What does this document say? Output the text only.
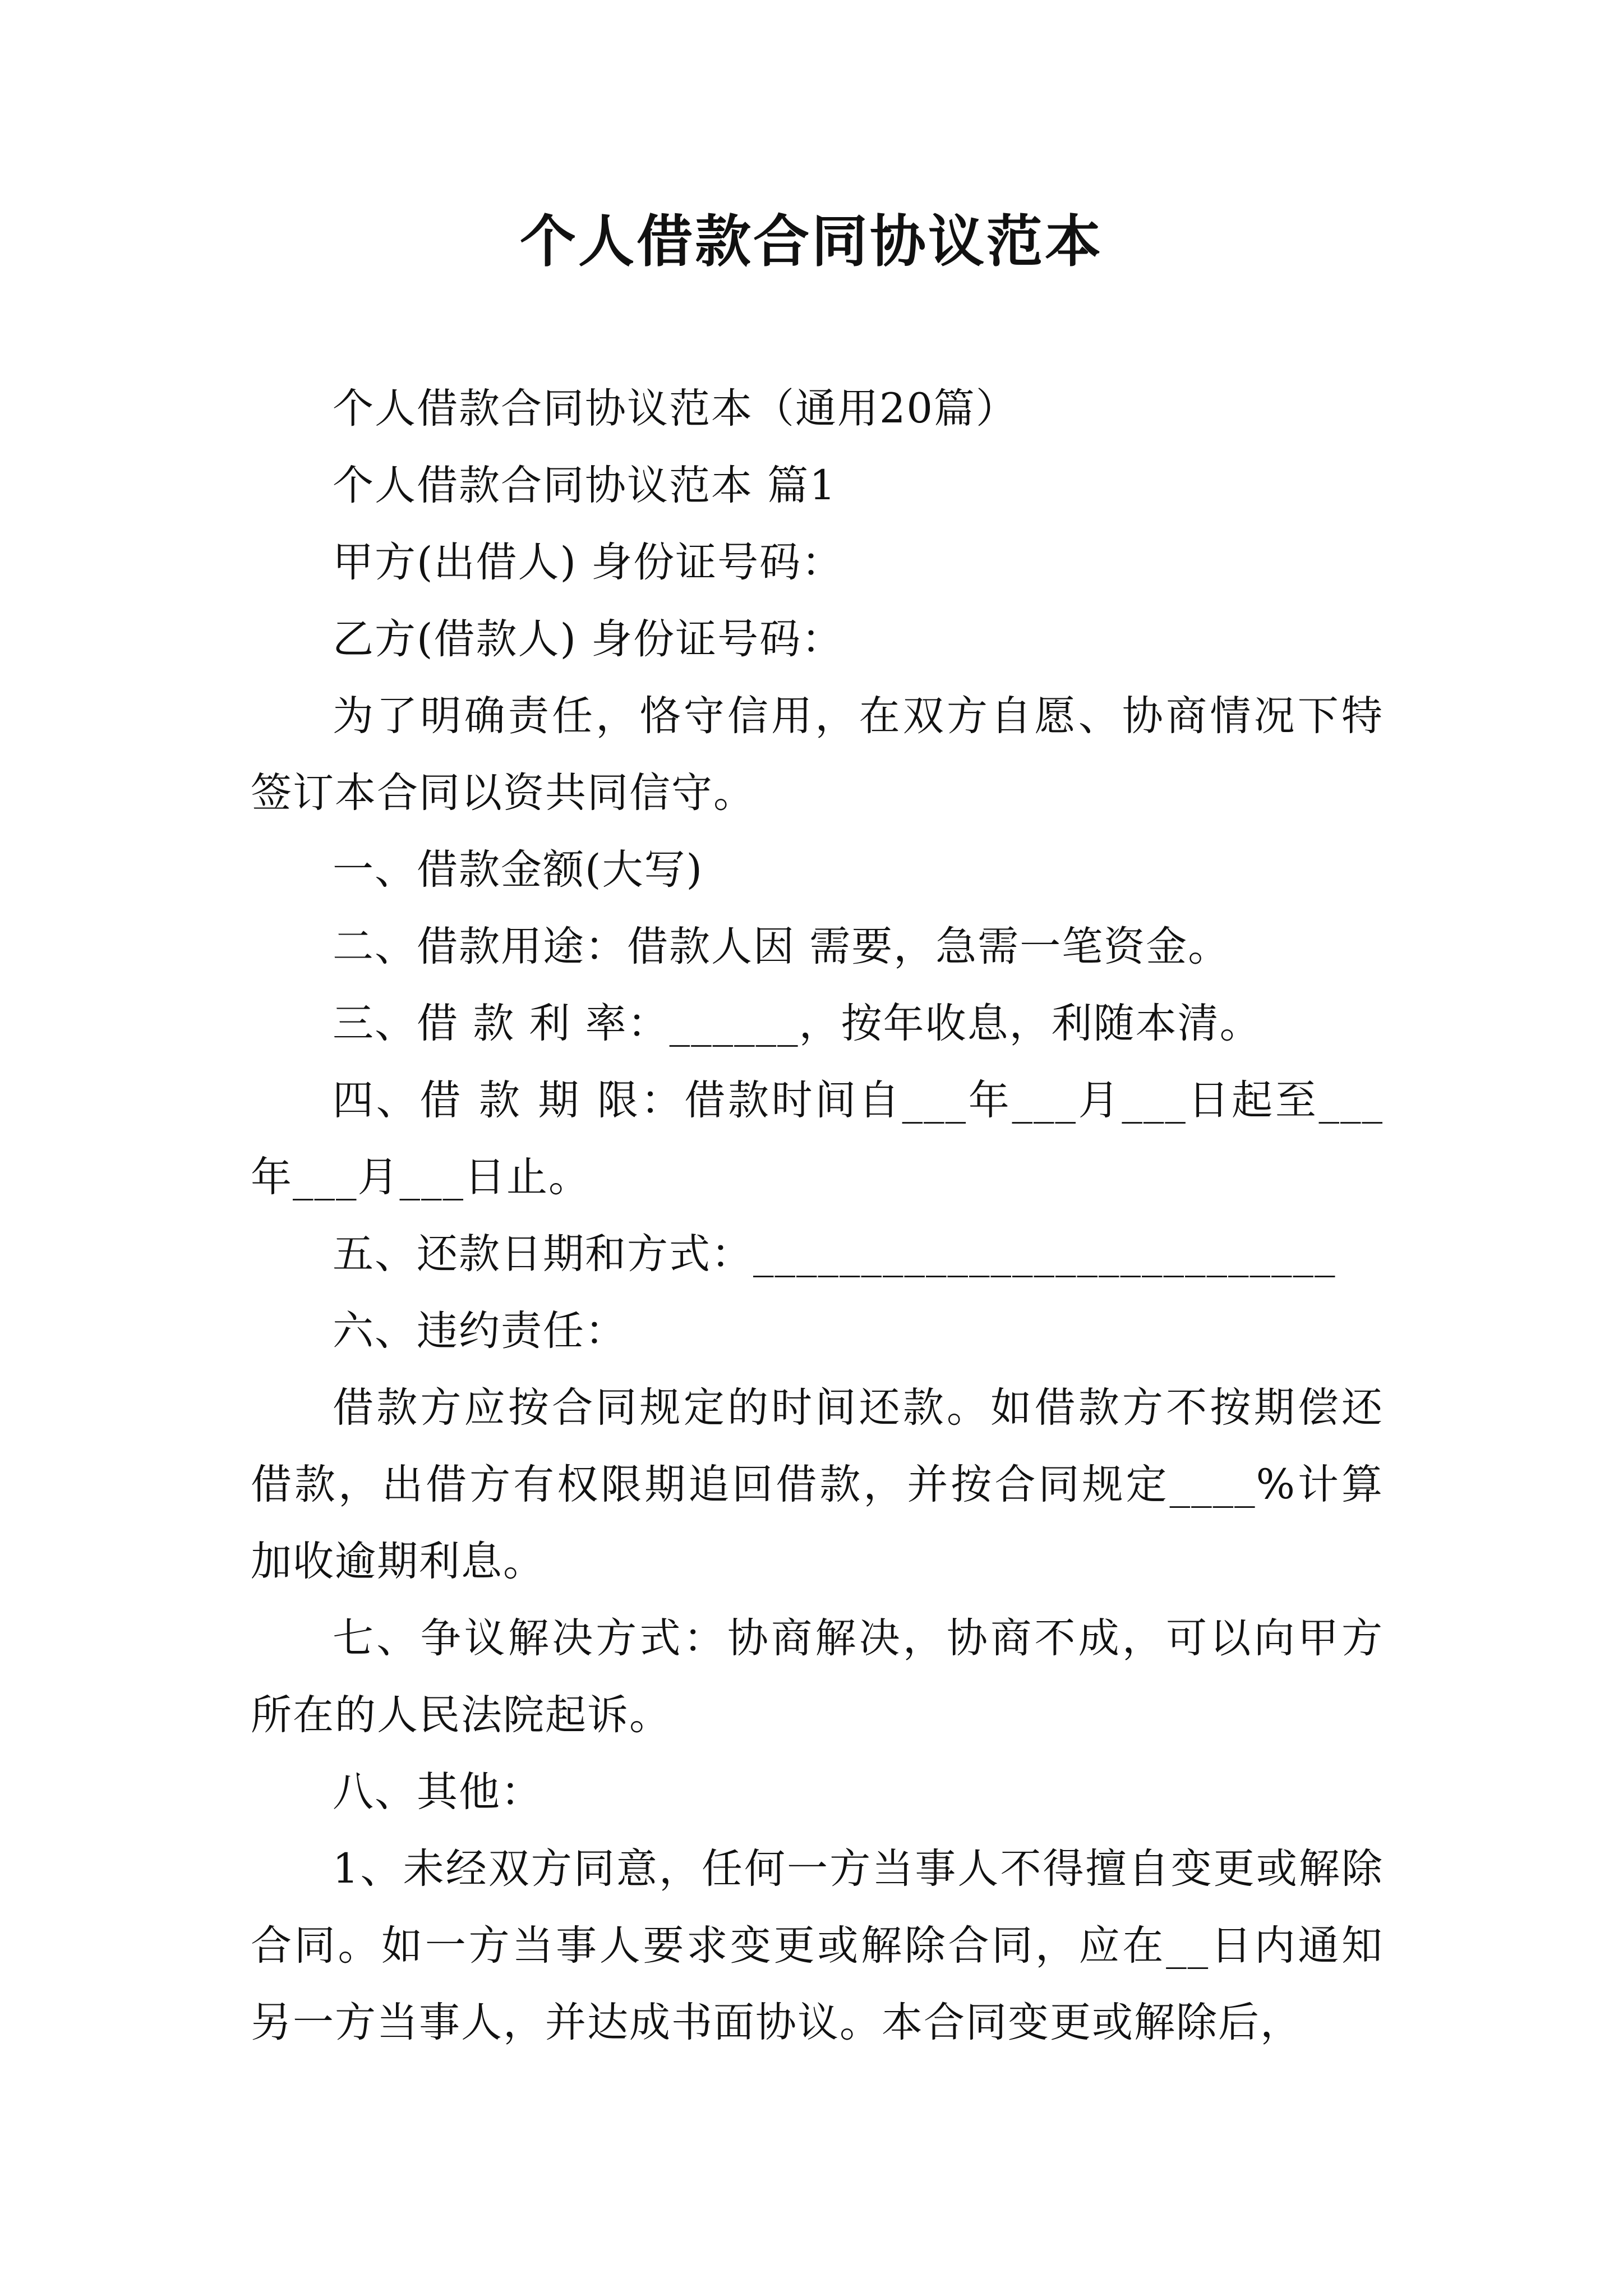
个人借款合同协议范本

个人借款合同协议范本（通用20篇）

个人借款合同协议范本 篇1

甲方(出借人) 身份证号码：

乙方(借款人) 身份证号码：

为了明确责任，恪守信用，在双方自愿、协商情况下特签订本合同以资共同信守。

一、借款金额(大写)

二、借款用途：借款人因 需要，急需一笔资金。

三、借 款 利 率：______，按年收息，利随本清。

四、借 款 期 限：借款时间自___年___月___日起至___年___月___日止。

五、还款日期和方式：___________________________

六、违约责任：

借款方应按合同规定的时间还款。如借款方不按期偿还借款，出借方有权限期追回借款，并按合同规定____%计算加收逾期利息。

七、争议解决方式：协商解决，协商不成，可以向甲方所在的人民法院起诉。

八、其他：

1、未经双方同意，任何一方当事人不得擅自变更或解除合同。如一方当事人要求变更或解除合同，应在__日内通知另一方当事人，并达成书面协议。本合同变更或解除后，
